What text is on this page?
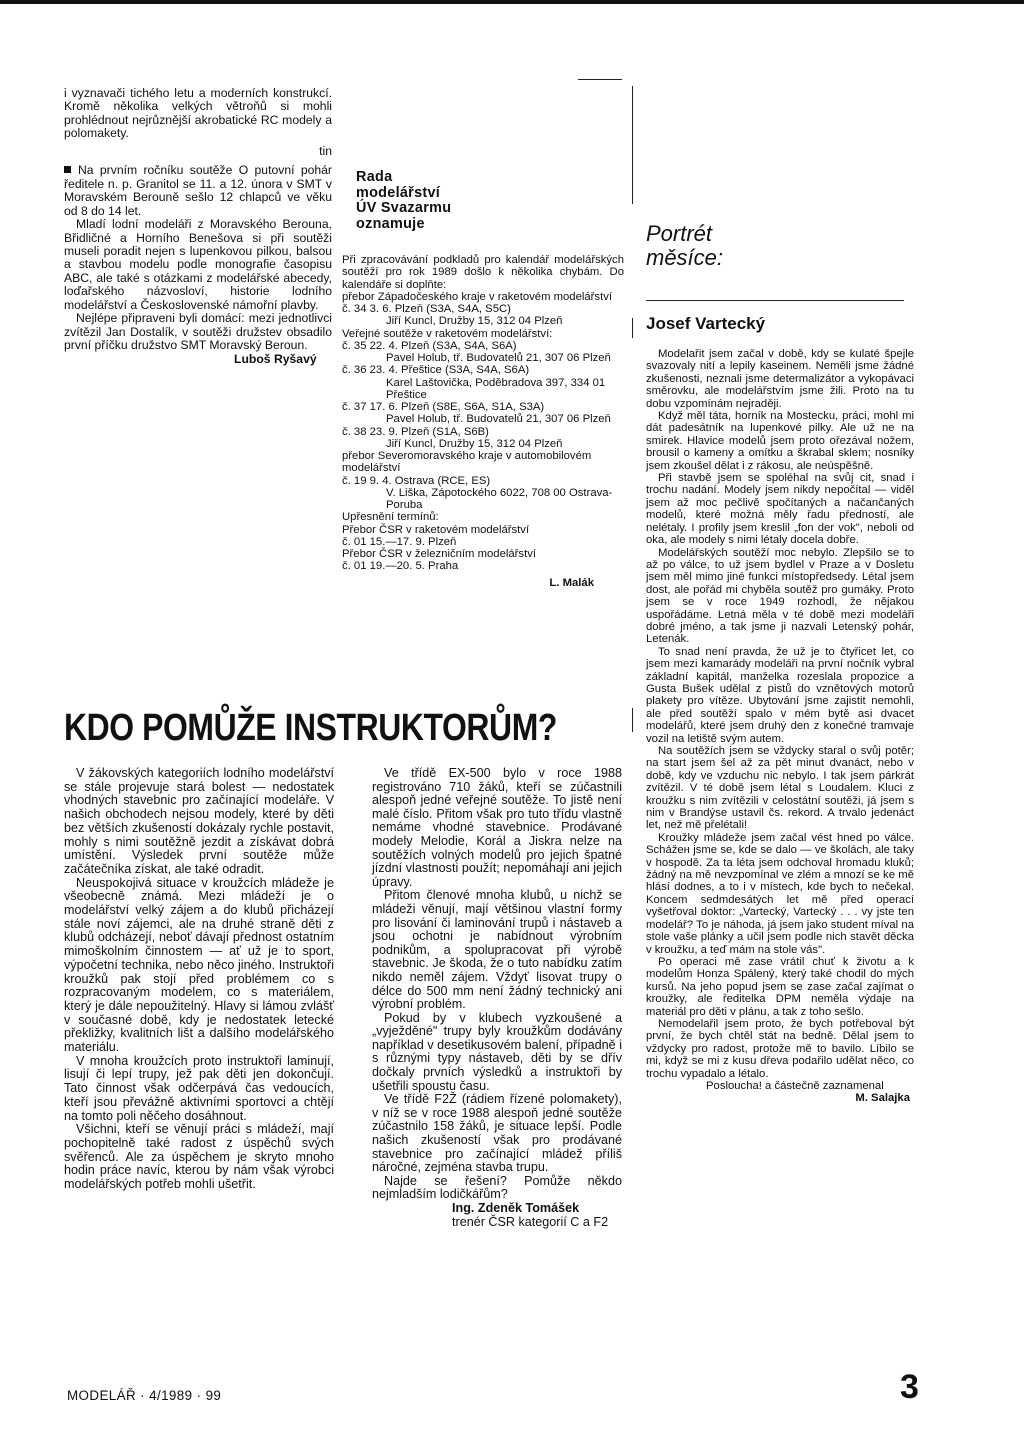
i vyznavači tichého letu a moderních konstrukcí. Kromě několika velkých větroňů si mohli prohlédnout nejrůznější akrobatické RC modely a polomakety.

tin

Na prvním ročníku soutěže O putovní pohár ředitele n. p. Granitol se 11. a 12. února v SMT v Moravském Berouně sešlo 12 chlapců ve věku od 8 do 14 let.

Mladí lodní modeláři z Moravského Berouna, Břidličné a Horního Benešova si při soutěži museli poradit nejen s lupenkovou pilkou, balsou a stavbou modelu podle monografie časopisu ABC, ale také s otázkami z modelářské abecedy, loďařského názvosloví, historie lodního modelářství a Československé námořní plavby.

Nejlépe připraveni byli domácí: mezi jednotlivci zvítězil Jan Dostalík, v soutěži družstev obsadilo první příčku družstvo SMT Moravský Beroun.

Luboš Ryšavý

Rada
modelářství
ÚV Svazarmu
oznamuje

Při zpracovávání podkladů pro kalendář modelářských soutěží pro rok 1989 došlo k několika chybám. Do kalendáře si doplňte:

přebor Západočeského kraje v raketovém modelářství

č. 34 3. 6. Plzeň (S3A, S4A, S5C)

Jiří Kuncl, Družby 15, 312 04 Plzeň

Veřejné soutěže v raketovém modelářství:

č. 35 22. 4. Plzeň (S3A, S4A, S6A)

Pavel Holub, tř. Budovatelů 21, 307 06 Plzeň

č. 36 23. 4. Přeštice (S3A, S4A, S6A)

Karel Laštovička, Poděbradova 397, 334 01 Přeštice

č. 37 17. 6. Plzeň (S8E, S6A, S1A, S3A)

Pavel Holub, tř. Budovatelů 21, 307 06 Plzeň

č. 38 23. 9. Plzeň (S1A, S6B)

Jiří Kuncl, Družby 15, 312 04 Plzeň

přebor Severomoravského kraje v automobilovém modelářství

č. 19 9. 4. Ostrava (RCE, ES)

V. Liška, Zápotockého 6022, 708 00 Ostrava-Poruba

Upřesnění termínů:

Přebor ČSR v raketovém modelářství

č. 01 15.—17. 9. Plzeň

Přebor ČSR v železničním modelářství

č. 01 19.—20. 5. Praha

L. Malák

KDO POMŮŽE INSTRUKTORŮM?

V žákovských kategoriích lodního modelářství se stále projevuje stará bolest — nedostatek vhodných stavebnic pro začínající modeláře. V našich obchodech nejsou modely, které by děti bez větších zkušeností dokázaly rychle postavit, mohly s nimi soutěžně jezdit a získávat dobrá umístění. Výsledek první soutěže může začátečníka získat, ale také odradit.

Neuspokojivá situace v kroužcích mládeže je všeobecně známá. Mezi mládeží je o modelářství velký zájem a do klubů přicházejí stále noví zájemci, ale na druhé straně děti z klubů odcházejí, neboť dávají přednost ostatním mimoškolním činnostem — ať už je to sport, výpočetní technika, nebo něco jiného. Instruktoři kroužků pak stojí před problémem co s rozpracovaným modelem, co s materiálem, který je dále nepoužitelný. Hlavy si lámou zvlášť v současné době, kdy je nedostatek letecké překližky, kvalitních lišt a dalšího modelářského materiálu.

V mnoha kroužcích proto instruktoři laminují, lisují či lepí trupy, jež pak děti jen dokončují. Tato činnost však odčerpává čas vedoucích, kteří jsou převážně aktivními sportovci a chtějí na tomto poli něčeho dosáhnout.

Všichni, kteří se věnují práci s mládeží, mají pochopitelně také radost z úspěchů svých svěřenců. Ale za úspěchem je skryto mnoho hodin práce navíc, kterou by nám však výrobci modelářských potřeb mohli ušetřit.

Ve třídě EX-500 bylo v roce 1988 registrováno 710 žáků, kteří se zúčastnili alespoň jedné veřejné soutěže. To jistě není malé číslo. Přitom však pro tuto třídu vlastně nemáme vhodné stavebnice. Prodávané modely Melodie, Korál a Jiskra nelze na soutěžích volných modelů pro jejich špatné jízdní vlastnosti použít; nepomáhají ani jejich úpravy.

Přitom členové mnoha klubů, u nichž se mládeži věnují, mají většinou vlastní formy pro lisování či laminování trupů i nástaveb a jsou ochotni je nabídnout výrobním podnikům, a spolupracovat při výrobě stavebnic. Je škoda, že o tuto nabídku zatím nikdo neměl zájem. Vždyť lisovat trupy o délce do 500 mm není žádný technický ani výrobní problém.

Pokud by v klubech vyzkoušené a „vyježděné" trupy byly kroužkům dodávány například v desetikusovém balení, případně i s různými typy nástaveb, děti by se dřív dočkaly prvních výsledků a instruktoři by ušetřili spoustu času.

Ve třídě F2Ž (rádiem řízené polomakety), v níž se v roce 1988 alespoň jedné soutěže zúčastnilo 158 žáků, je situace lepší. Podle našich zkušeností však pro prodávané stavebnice pro začínající mládež příliš náročné, zejména stavba trupu.

Najde se řešení? Pomůže někdo nejmladším lodičkářům?

Ing. Zdeněk Tomášek

trenér ČSR kategorií C a F2

Portrét
měsíce:
Josef Vartecký

Modelařit jsem začal v době, kdy se kulaté špejle svazovaly nití a lepily kaseinem. Neměli jsme žádné zkušenosti, neznali jsme determalizátor a vykopávaci směrovku, ale modelářstvím jsme žili. Proto na tu dobu vzpomínám nejraději.

Když měl táta, horník na Mostecku, práci, mohl mi dát padesátník na lupenkové pilky. Ale už ne na smirek. Hlavice modelů jsem proto ořezával nožem, brousil o kameny a omítku a škrabal sklem; nosníky jsem zkoušel dělat i z rákosu, ale neúspěšně.

Při stavbě jsem se spoléhal na svůj cit, snad i trochu nadání. Modely jsem nikdy nepočítal — viděl jsem až moc pečlivě spočítaných a načančaných modelů, které možná měly řadu předností, ale nelétaly. I profily jsem kreslil „fon der vok", neboli od oka, ale modely s nimi létaly docela dobře.

Modelářských soutěží moc nebylo. Zlepšilo se to až po válce, to už jsem bydlel v Praze a v Dosletu jsem měl mimo jiné funkci místopředsedy. Létal jsem dost, ale pořád mi chyběla soutěž pro gumáky. Proto jsem se v roce 1949 rozhodl, že nějakou uspořádáme. Letná měla v té době mezi modeláři dobré jméno, a tak jsme ji nazvali Letenský pohár, Letenák.

To snad není pravda, že už je to čtyřicet let, co jsem mezi kamarády modeláři na první nočník vybral základní kapitál, manželka rozeslala propozice a Gusta Bušek udělal z pistů do vznětových motorů plakety pro vítěze. Ubytování jsme zajistit nemohli, ale před soutěží spalo v mém bytě asi dvacet modelářů, které jsem druhý den z konečné tramvaje vozil na letiště svým autem.

Na soutěžích jsem se vždycky staral o svůj potěr; na start jsem šel až za pět minut dvanáct, nebo v době, kdy ve vzduchu nic nebylo. I tak jsem párkrát zvítězil. V té době jsem létal s Loudalem. Kluci z kroužku s nim zvítězili v celostátní soutěži, já jsem s nim v Brandýse ustavil čs. rekord. A trvalo jedenáct let, než mě přelétali!

Kroužky mládeže jsem začal vést hned po válce. Schážeн jsme se, kde se dalo — ve školách, ale taky v hospodě. Za ta léta jsem odchoval hromadu kluků; žádný na mě nevzpomínal ve zlém a mnozí se ke mě hlásí dodnes, a to i v místech, kde bych to nečekal. Koncem sedmdesátých let mě před operací vyšetřoval doktor: „Vartecký, Vartecký . . . vy jste ten modelář? To je náhoda, já jsem jako student míval na stole vaše plánky a učil jsem podle nich stavět děcka v kroužku, a teď mám na stole vás".

Po operaci mě zase vrátil chuť k životu a k modelům Honza Spálený, který také chodil do mých kursů. Na jeho popud jsem se zase začal zajímat o kroužky, ale ředitelka DPM neměla výdaje na materiál pro děti v plánu, a tak z toho sešlo.

Nemodelařil jsem proto, že bych potřeboval být první, že bych chtěl stát na bedně. Dělal jsem to vždycky pro radost, protože mě to bavilo. Líbilo se mi, když se mi z kusu dřeva podařilo udělat něco, co trochu vypadalo a létalo.

Posloucha! a částečně zaznamenal

M. Salajka

MODELÁŘ · 4/1989 · 99	3
